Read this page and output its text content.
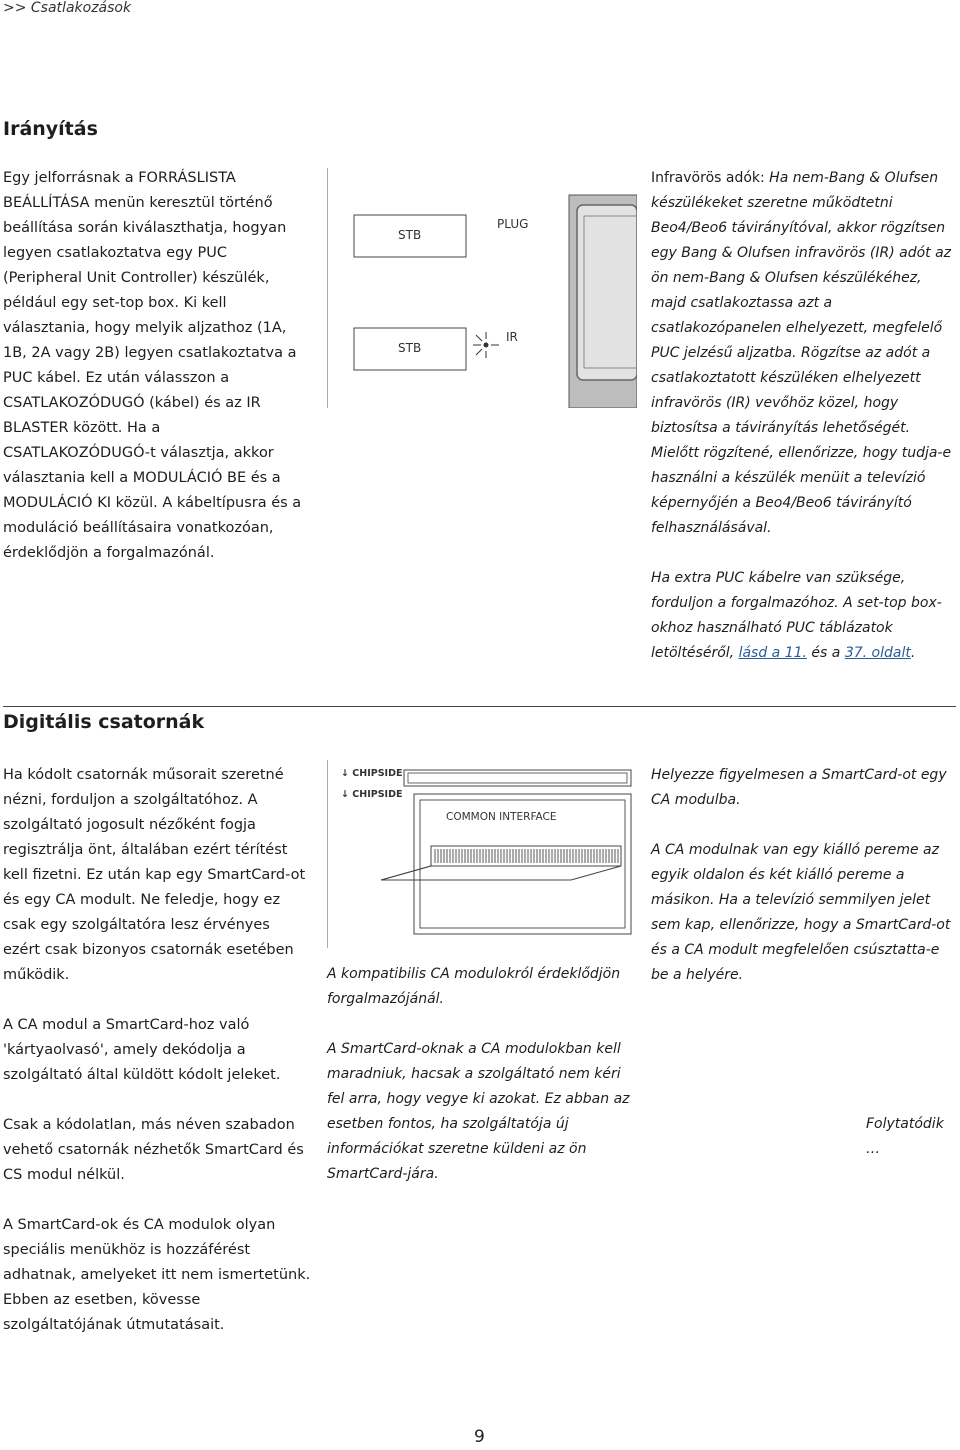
>> Csatlakozások
Irányítás

Egy jelforrásnak a FORRÁSLISTA BEÁLLÍTÁSA menün keresztül történő beállítása során kiválaszthatja, hogyan legyen csatlakoztatva egy PUC (Peripheral Unit Controller) készülék, például egy set-top box. Ki kell választania, hogy melyik aljzathoz (1A, 1B, 2A vagy 2B) legyen csatlakoztatva a PUC kábel. Ez után válasszon a CSATLAKOZÓDUGÓ (kábel) és az IR BLASTER között. Ha a CSATLAKOZÓDUGÓ-t választja, akkor választania kell a MODULÁCIÓ BE és a MODULÁCIÓ KI közül. A kábeltípusra és a moduláció beállításaira vonatkozóan, érdeklődjön a forgalmazónál.

STB
STB
PLUG
IR

Infravörös adók: Ha nem-Bang & Olufsen készülékeket szeretne működtetni Beo4/Beo6 távirányítóval, akkor rögzítsen egy Bang & Olufsen infravörös (IR) adót az ön nem-Bang & Olufsen készülékéhez, majd csatlakoztassa azt a csatlakozópanelen elhelyezett, megfelelő PUC jelzésű aljzatba. Rögzítse az adót a csatlakoztatott készüléken elhelyezett infravörös (IR) vevőhöz közel, hogy biztosítsa a távirányítás lehetőségét. Mielőtt rögzítené, ellenőrizze, hogy tudja-e használni a készülék menüit a televízió képernyőjén a Beo4/Beo6 távirányító felhasználásával.

Ha extra PUC kábelre van szüksége, forduljon a forgalmazóhoz. A set-top box-okhoz használható PUC táblázatok letöltéséről, lásd a 11. és a 37. oldalt.

Digitális csatornák

Ha kódolt csatornák műsorait szeretné nézni, forduljon a szolgáltatóhoz. A szolgáltató jogosult nézőként fogja regisztrálja önt, általában ezért térítést kell fizetni. Ez után kap egy SmartCard-ot és egy CA modult. Ne feledje, hogy ez csak egy szolgáltatóra lesz érvényes ezért csak bizonyos csatornák esetében működik.

A CA modul a SmartCard-hoz való 'kártyaolvasó', amely dekódolja a szolgáltató által küldött kódolt jeleket.

Csak a kódolatlan, más néven szabadon vehető csatornák nézhetők SmartCard és CS modul nélkül.

A SmartCard-ok és CA modulok olyan speciális menükhöz is hozzáférést adhatnak, amelyeket itt nem ismertetünk. Ebben az esetben, kövesse szolgáltatójának útmutatásait.

↓ CHIPSIDE
↓ CHIPSIDE
COMMON INTERFACE

A kompatibilis CA modulokról érdeklődjön forgalmazójánál.

A SmartCard-oknak a CA modulokban kell maradniuk, hacsak a szolgáltató nem kéri fel arra, hogy vegye ki azokat. Ez abban az esetben fontos, ha szolgáltatója új információkat szeretne küldeni az ön SmartCard-jára.

Helyezze figyelmesen a SmartCard-ot egy CA modulba.

A CA modulnak van egy kiálló pereme az egyik oldalon és két kiálló pereme a másikon. Ha a televízió semmilyen jelet sem kap, ellenőrizze, hogy a SmartCard-ot és a CA modult megfelelően csúsztatta-e be a helyére.

Folytatódik …
9
